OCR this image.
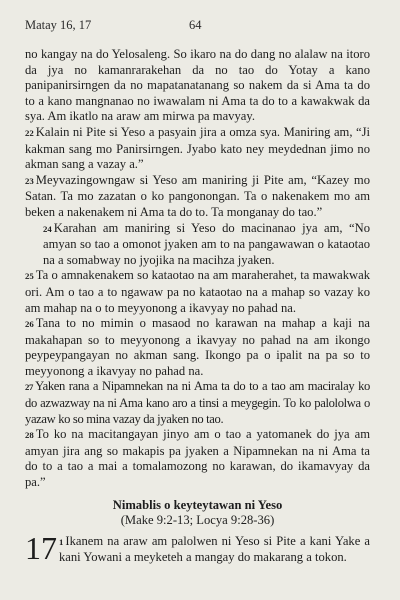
Matay 16, 17	64

no kangay na do Yelosaleng. So ikaro na do dang no alalaw na itoro da jya no kamanrarakehan da no tao do Yotay a kano panipanirsirngen da no mapatanatanang so nakem da si Ama ta do to a kano mangnanao no iwawalam ni Ama ta do to a kawakwak da sya. Am ikatlo na araw am mirwa pa mavyay.

22 Kalain ni Pite si Yeso a pasyain jira a omza sya. Maniring am, “Ji kakman sang mo Panirsirngen. Jyabo kato ney meydednan jimo no akman sang a vazay a.”

23 Meyvazingowngaw si Yeso am maniring ji Pite am, “Kazey mo Satan. Ta mo zazatan o ko pangonongan. Ta o nakenakem mo am beken a nakenakem ni Ama ta do to. Ta monganay do tao.”

24 Karahan am maniring si Yeso do macinanao jya am, “No amyan so tao a omonot jyaken am to na pangawawan o kataotao na a somabway no jyojika na macihza jyaken.

25 Ta o amnakenakem so kataotao na am maraherahet, ta mawakwak ori. Am o tao a to ngawaw pa no kataotao na a mahap so vazay ko am mahap na o to meyyonong a ikavyay no pahad na.

26 Tana to no mimin o masaod no karawan na mahap a kaji na makahapan so to meyyonong a ikavyay no pahad na am ikongo peypeypangayan no akman sang. Ikongo pa o ipalit na pa so to meyyonong a ikavyay no pahad na.

27 Yaken rana a Nipamnekan na ni Ama ta do to a tao am maciralay ko do azwazway na ni Ama kano aro a tinsi a meygegin. To ko palololwa o yazaw ko so mina vazay da jyaken no tao.

28 To ko na macitangayan jinyo am o tao a yatomanek do jya am amyan jira ang so makapis pa jyaken a Nipamnekan na ni Ama ta do to a tao a mai a tomalamozong no karawan, do ikamavyay da pa.”

Nimablis o keyteytawan ni Yeso
(Make 9:2-13; Locya 9:28-36)
17 1 Ikanem na araw am palolwen ni Yeso si Pite a kani Yake a kani Yowani a meyketeh a mangay do makarang a tokon.
